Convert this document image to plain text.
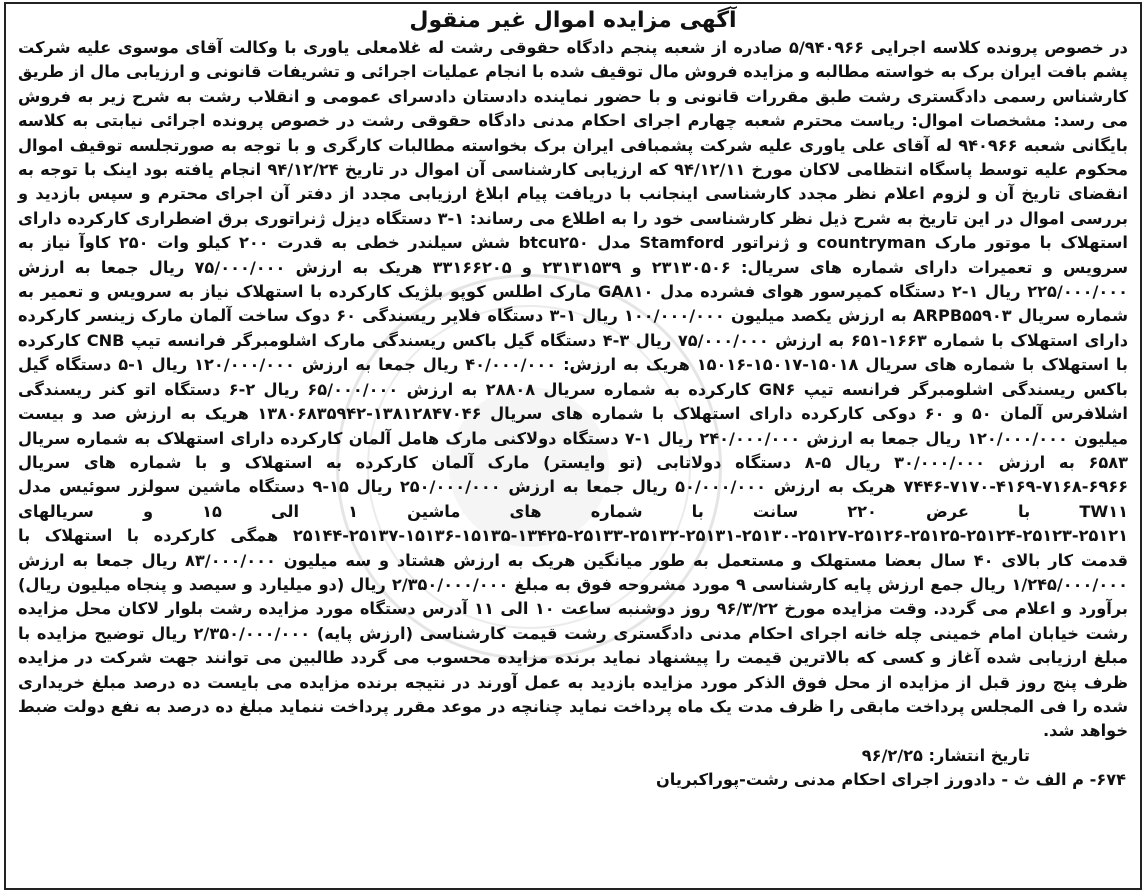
آگهی مزایده اموال غیر منقول

در خصوص پرونده کلاسه اجرایی ۵/۹۴۰۹۶۶ صادره از شعبه پنجم دادگاه حقوقی رشت له غلامعلی یاوری با وکالت آقای موسوی علیه شرکت پشم بافت ایران برک به خواسته مطالبه و مزایده فروش مال توقیف شده با انجام عملیات اجرائی و تشریفات قانونی و ارزیابی مال از طریق کارشناس رسمی دادگستری رشت طبق مقررات قانونی و با حضور نماینده دادستان دادسرای عمومی و انقلاب رشت به شرح زیر به فروش می رسد: مشخصات اموال: ریاست محترم شعبه چهارم اجرای احکام مدنی دادگاه حقوقی رشت در خصوص پرونده اجرائی نیابتی به کلاسه بایگانی شعبه ۹۴۰۹۶۶ له آقای علی یاوری علیه شرکت پشمبافی ایران برک بخواسته مطالبات کارگری و با توجه به صورتجلسه توقیف اموال محکوم علیه توسط پاسگاه انتظامی لاکان مورخ ۹۴/۱۲/۱۱ که ارزیابی کارشناسی آن اموال در تاریخ ۹۴/۱۲/۲۴ انجام یافته بود اینک با توجه به انقضای تاریخ آن و لزوم اعلام نظر مجدد کارشناسی اینجانب با دریافت پیام ابلاغ ارزیابی مجدد از دفتر آن اجرای محترم و سپس بازدید و بررسی اموال در این تاریخ به شرح ذیل نظر کارشناسی خود را به اطلاع می رساند: ۱-۳ دستگاه دیزل ژنراتوری برق اضطراری کارکرده دارای استهلاک با موتور مارک countryman و ژنراتور Stamford مدل btcu۲۵۰ شش سیلندر خطی به قدرت ۲۰۰ کیلو وات ۲۵۰ کاوآ نیاز به سرویس و تعمیرات دارای شماره های سریال: ۲۳۱۳۰۵۰۶ و ۲۳۱۳۱۵۳۹ و ۳۳۱۶۶۲۰۵ هریک به ارزش ۷۵/۰۰۰/۰۰۰ ریال جمعا به ارزش ۲۲۵/۰۰۰/۰۰۰ ریال ۱-۲ دستگاه کمپرسور هوای فشرده مدل GA۸۱۰ مارک اطلس کوپو بلژیک کارکرده با استهلاک نیاز به سرویس و تعمیر به شماره سریال ARPB۵۵۹۰۳ به ارزش یکصد میلیون ۱۰۰/۰۰۰/۰۰۰ ریال ۱-۳ دستگاه فلایر ریسندگی ۶۰ دوک ساخت آلمان مارک زینسر کارکرده دارای استهلاک با شماره ۱۶۶۳-۶۵۱ به ارزش ۷۵/۰۰۰/۰۰۰ ریال ۳-۴ دستگاه گیل باکس ریسندگی مارک اشلومبرگر فرانسه تیپ CNB کارکرده با استهلاک با شماره های سریال ۱۵۰۱۸-۱۵۰۱۷-۱۵۰۱۶ هریک به ارزش: ۴۰/۰۰۰/۰۰۰ ریال جمعا به ارزش ۱۲۰/۰۰۰/۰۰۰ ریال ۱-۵ دستگاه گیل باکس ریسندگی اشلومبرگر فرانسه تیپ GN۶ کارکرده به شماره سریال ۲۸۸۰۸ به ارزش ۶۵/۰۰۰/۰۰۰ ریال ۲-۶ دستگاه اتو کنر ریسندگی اشلافرس آلمان ۵۰ و ۶۰ دوکی کارکرده دارای استهلاک با شماره های سریال ۱۳۸۱۲۸۴۷۰۴۶-۱۳۸۰۶۸۳۵۹۴۲ هریک به ارزش صد و بیست میلیون ۱۲۰/۰۰۰/۰۰۰ ریال جمعا به ارزش ۲۴۰/۰۰۰/۰۰۰ ریال ۱-۷ دستگاه دولاکنی مارک هامل آلمان کارکرده دارای استهلاک به شماره سریال ۶۵۸۳ به ارزش ۳۰/۰۰۰/۰۰۰ ریال ۵-۸ دستگاه دولاتابی (تو وایستر) مارک آلمان کارکرده به استهلاک و با شماره های سریال ۶۹۶۶-۷۱۶۸-۴۱۶۹-۷۱۷۰-۷۴۴۶ هریک به ارزش ۵۰/۰۰۰/۰۰۰ ریال جمعا به ارزش ۲۵۰/۰۰۰/۰۰۰ ریال ۱۵-۹ دستگاه ماشین سولزر سوئیس مدل TW۱۱ با عرض ۲۲۰ سانت با شماره های ماشین ۱ الی ۱۵ و سریالهای ۲۵۱۲۱-۲۵۱۲۳-۲۵۱۲۴-۲۵۱۲۵-۲۵۱۲۶-۲۵۱۲۷-۲۵۱۳۰-۲۵۱۳۱-۲۵۱۳۲-۲۵۱۳۳-۱۳۴۲۵-۱۵۱۳۵-۱۵۱۳۶-۲۵۱۳۷-۲۵۱۴۴ همگی کارکرده با استهلاک با قدمت کار بالای ۴۰ سال بعضا مستهلک و مستعمل به طور میانگین هریک به ارزش هشتاد و سه میلیون ۸۳/۰۰۰/۰۰۰ ریال جمعا به ارزش ۱/۲۴۵/۰۰۰/۰۰۰ ریال جمع ارزش پایه کارشناسی ۹ مورد مشروحه فوق به مبلغ ۲/۳۵۰/۰۰۰/۰۰۰ ریال (دو میلیارد و سیصد و پنجاه میلیون ریال) برآورد و اعلام می گردد. وقت مزایده مورخ ۹۶/۳/۲۲ روز دوشنبه ساعت ۱۰ الی ۱۱ آدرس دستگاه مورد مزایده رشت بلوار لاکان محل مزایده رشت خیابان امام خمینی چله خانه اجرای احکام مدنی دادگستری رشت قیمت کارشناسی (ارزش پایه) ۲/۳۵۰/۰۰۰/۰۰۰ ریال توضیح مزایده با مبلغ ارزیابی شده آغاز و کسی که بالاترین قیمت را پیشنهاد نماید برنده مزایده محسوب می گردد طالبین می توانند جهت شرکت در مزایده ظرف پنج روز قبل از مزایده از محل فوق الذکر مورد مزایده بازدید به عمل آورند در نتیجه برنده مزایده می بایست ده درصد مبلغ خریداری شده را فی المجلس پرداخت مابقی را ظرف مدت یک ماه پرداخت نماید چنانچه در موعد مقرر پرداخت ننماید مبلغ ده درصد به نفع دولت ضبط خواهد شد.

تاریخ انتشار: ۹۶/۲/۲۵
۶۷۴- م الف ث - دادورز اجرای احکام مدنی رشت-پوراکبریان
